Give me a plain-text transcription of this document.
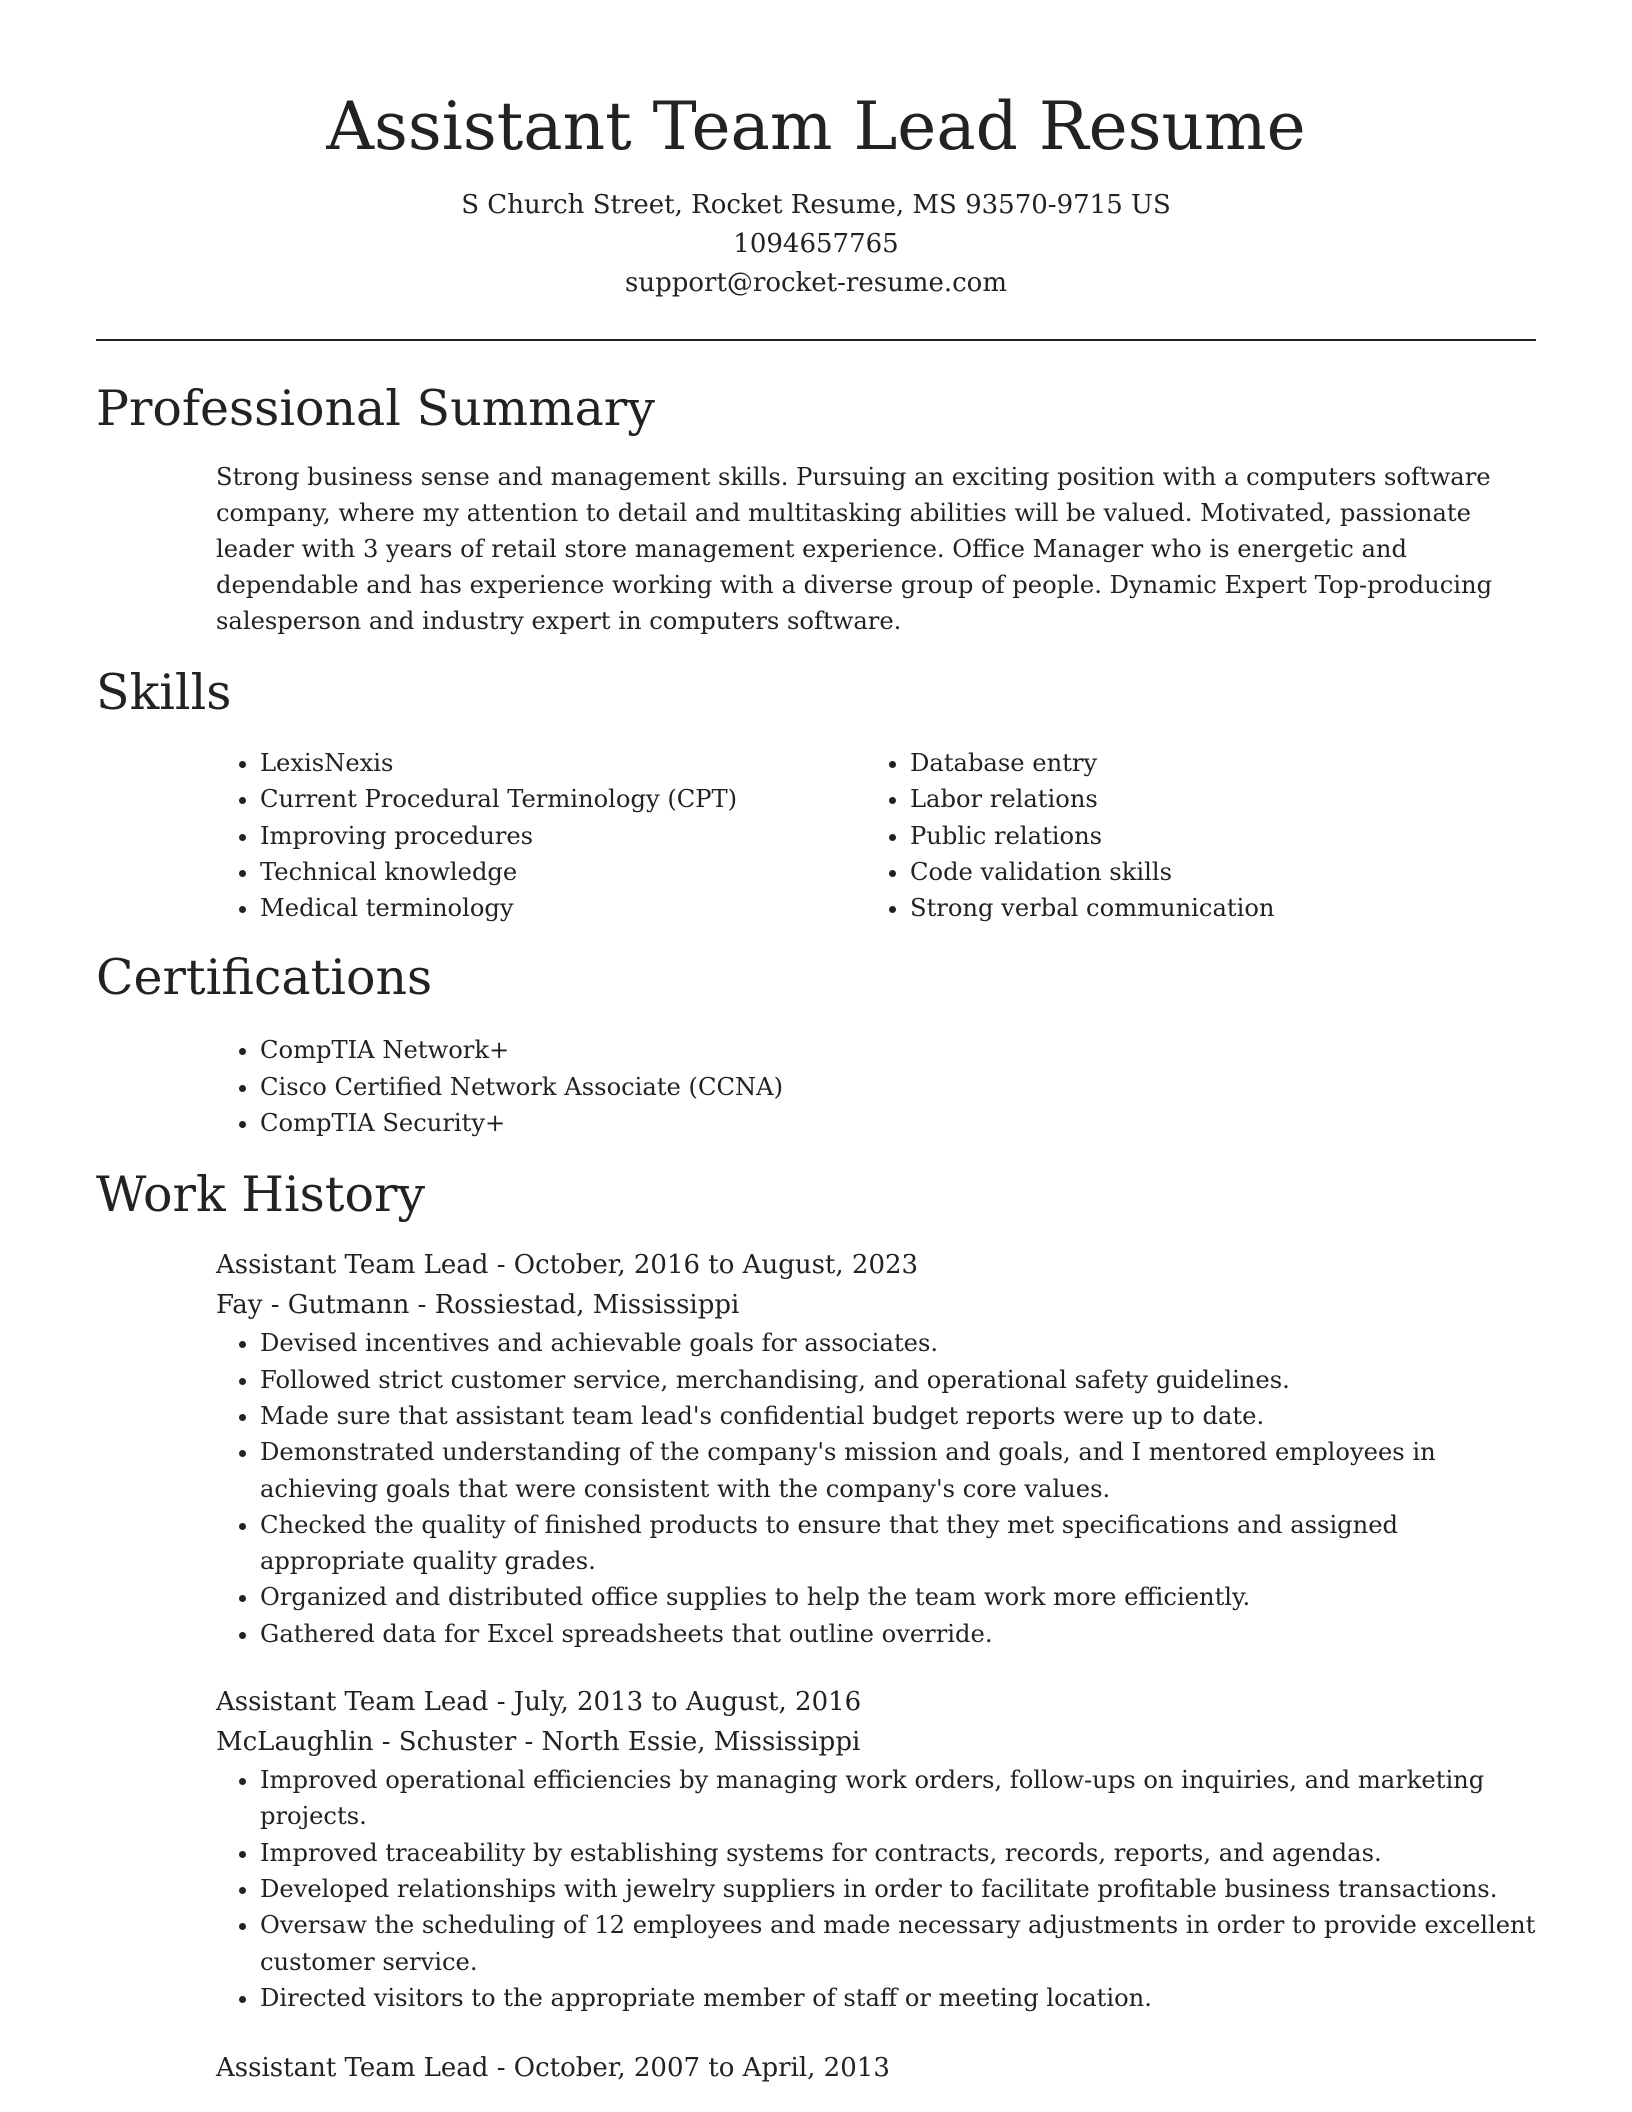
Assistant Team Lead Resume
S Church Street, Rocket Resume, MS 93570-9715 US
1094657765
support@rocket-resume.com
Professional Summary

Strong business sense and management skills. Pursuing an exciting position with a computers software company, where my attention to detail and multitasking abilities will be valued. Motivated, passionate leader with 3 years of retail store management experience. Office Manager who is energetic and dependable and has experience working with a diverse group of people. Dynamic Expert Top-producing salesperson and industry expert in computers software.

Skills
• LexisNexis
• Current Procedural Terminology (CPT)
• Improving procedures
• Technical knowledge
• Medical terminology
• Database entry
• Labor relations
• Public relations
• Code validation skills
• Strong verbal communication
Certifications
• CompTIA Network+
• Cisco Certified Network Associate (CCNA)
• CompTIA Security+
Work History
Assistant Team Lead - October, 2016 to August, 2023
Fay - Gutmann - Rossiestad, Mississippi
• Devised incentives and achievable goals for associates.
• Followed strict customer service, merchandising, and operational safety guidelines.
• Made sure that assistant team lead's confidential budget reports were up to date.
• Demonstrated understanding of the company's mission and goals, and I mentored employees in achieving goals that were consistent with the company's core values.
• Checked the quality of finished products to ensure that they met specifications and assigned appropriate quality grades.
• Organized and distributed office supplies to help the team work more efficiently.
• Gathered data for Excel spreadsheets that outline override.
Assistant Team Lead - July, 2013 to August, 2016
McLaughlin - Schuster - North Essie, Mississippi
• Improved operational efficiencies by managing work orders, follow-ups on inquiries, and marketing projects.
• Improved traceability by establishing systems for contracts, records, reports, and agendas.
• Developed relationships with jewelry suppliers in order to facilitate profitable business transactions.
• Oversaw the scheduling of 12 employees and made necessary adjustments in order to provide excellent customer service.
• Directed visitors to the appropriate member of staff or meeting location.
Assistant Team Lead - October, 2007 to April, 2013
